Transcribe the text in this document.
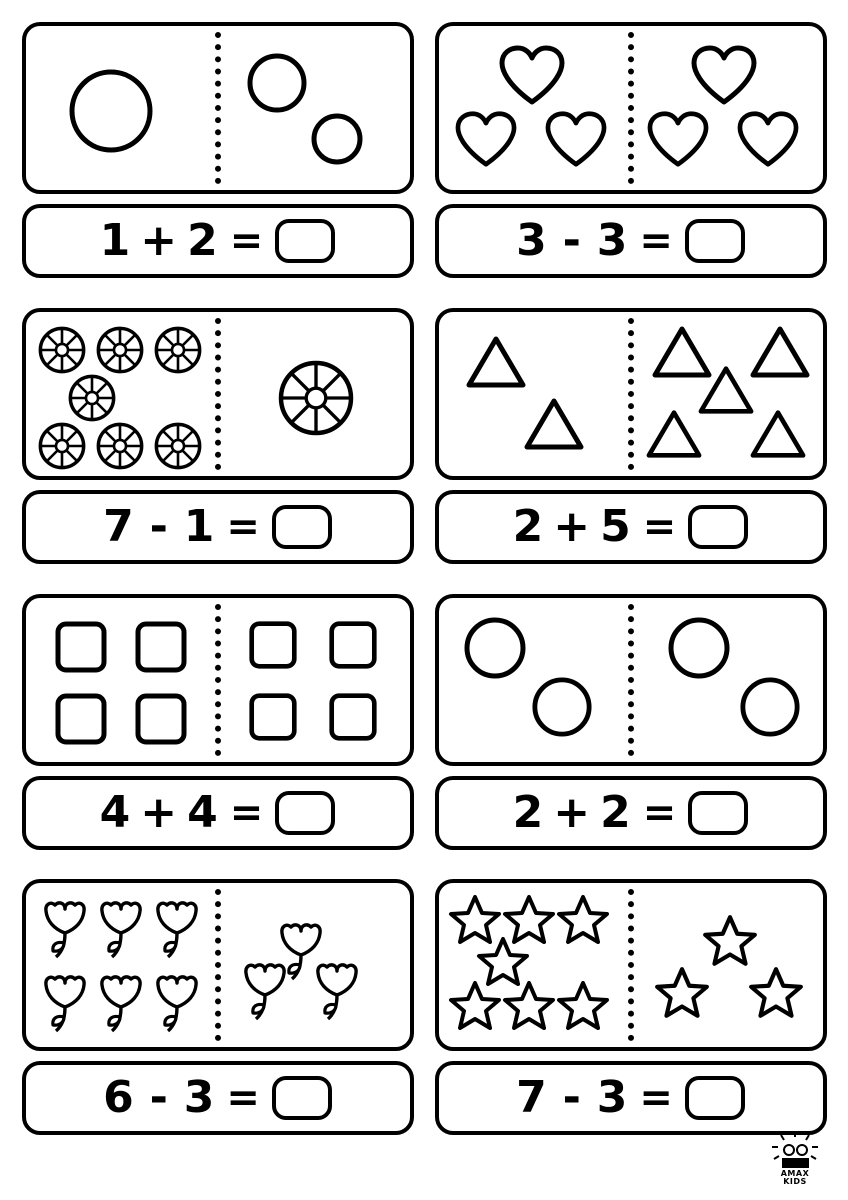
1 + 2 =	3 - 3 =
7 - 1 =	2 + 5 =
4 + 4 =	2 + 2 =
6 - 3 =	7 - 3 =
AMAX
KIDS
